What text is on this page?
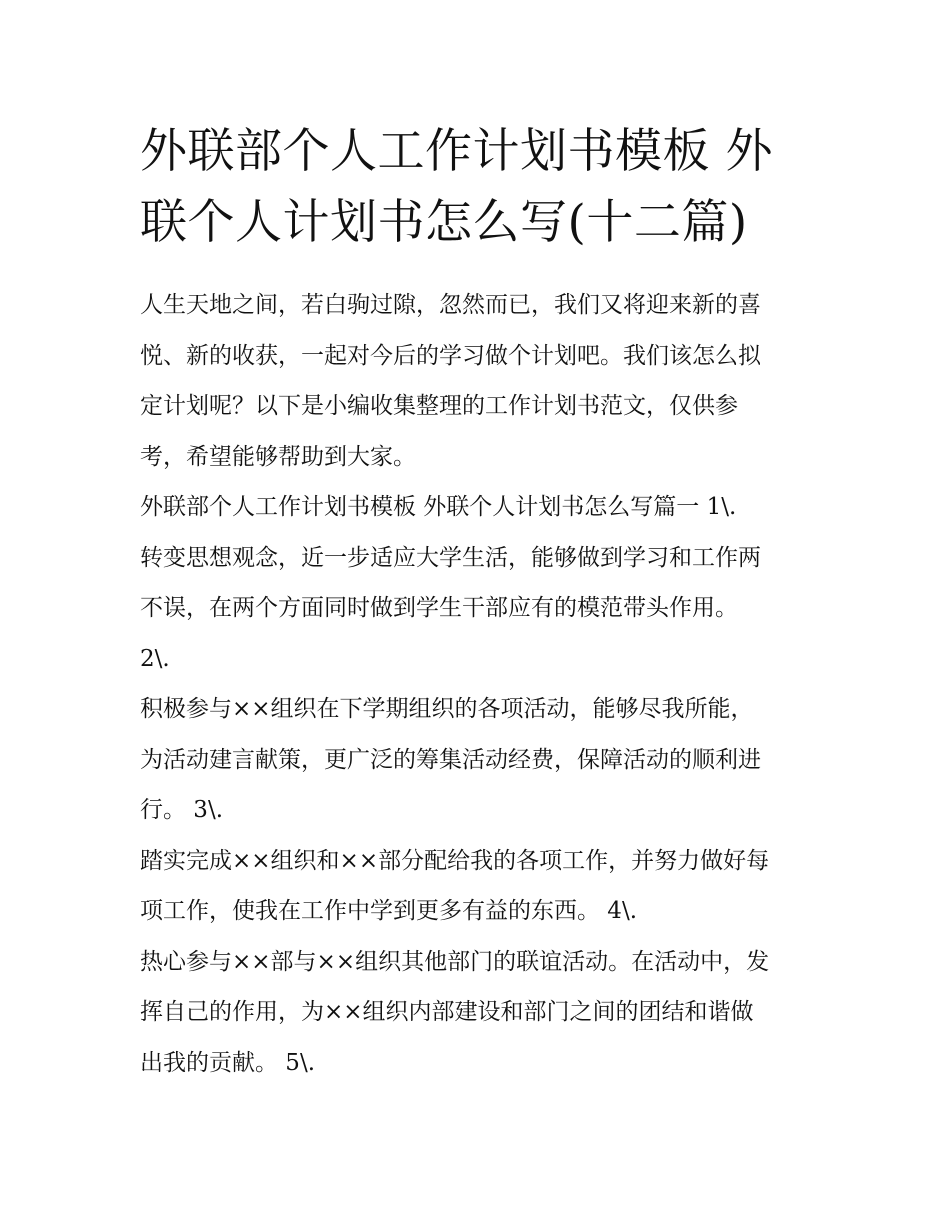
外联部个人工作计划书模板 外
联个人计划书怎么写(十二篇)
人生天地之间，若白驹过隙，忽然而已，我们又将迎来新的喜
悦、新的收获，一起对今后的学习做个计划吧。我们该怎么拟
定计划呢？以下是小编收集整理的工作计划书范文，仅供参
考，希望能够帮助到大家。
外联部个人工作计划书模板 外联个人计划书怎么写篇一 1\.
转变思想观念，近一步适应大学生活，能够做到学习和工作两
不误，在两个方面同时做到学生干部应有的模范带头作用。
2\.
积极参与××组织在下学期组织的各项活动，能够尽我所能，
为活动建言献策，更广泛的筹集活动经费，保障活动的顺利进
行。 3\.
踏实完成××组织和××部分配给我的各项工作，并努力做好每
项工作，使我在工作中学到更多有益的东西。 4\.
热心参与××部与××组织其他部门的联谊活动。在活动中，发
挥自己的作用，为××组织内部建设和部门之间的团结和谐做
出我的贡献。 5\.
